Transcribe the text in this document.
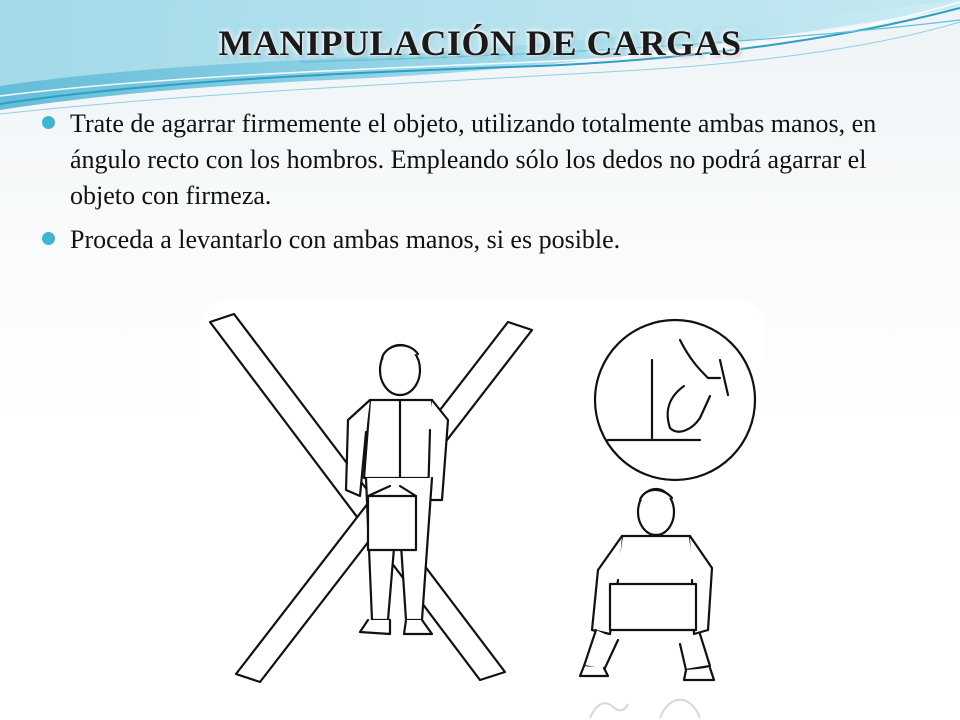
MANIPULACIÓN DE CARGAS
Trate de agarrar firmemente el objeto, utilizando totalmente ambas manos, en ángulo recto con los hombros. Empleando sólo los dedos no podrá agarrar el objeto con firmeza.
Proceda a levantarlo con ambas manos, si es posible.
